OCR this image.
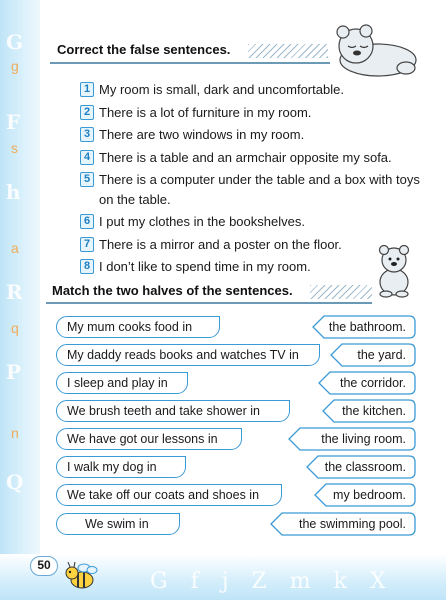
G
g
F
s
h
a
R
q
P
n
Q
G f j Z m k X
Correct the false sentences.
1 My room is small, dark and uncomfortable.
2 There is a lot of furniture in my room.
3 There are two windows in my room.
4 There is a table and an armchair opposite my sofa.
5 There is a computer under the table and a box with toys on the table.
6 I put my clothes in the bookshelves.
7 There is a mirror and a poster on the floor.
8 I don’t like to spend time in my room.
Match the two halves of the sentences.
My mum cooks food in
My daddy reads books and watches TV in
I sleep and play in
We brush teeth and take shower in
We have got our lessons in
I walk my dog in
We take off our coats and shoes in
We swim in
the bathroom.
the yard.
the corridor.
the kitchen.
the living room.
the classroom.
my bedroom.
the swimming pool.
50
